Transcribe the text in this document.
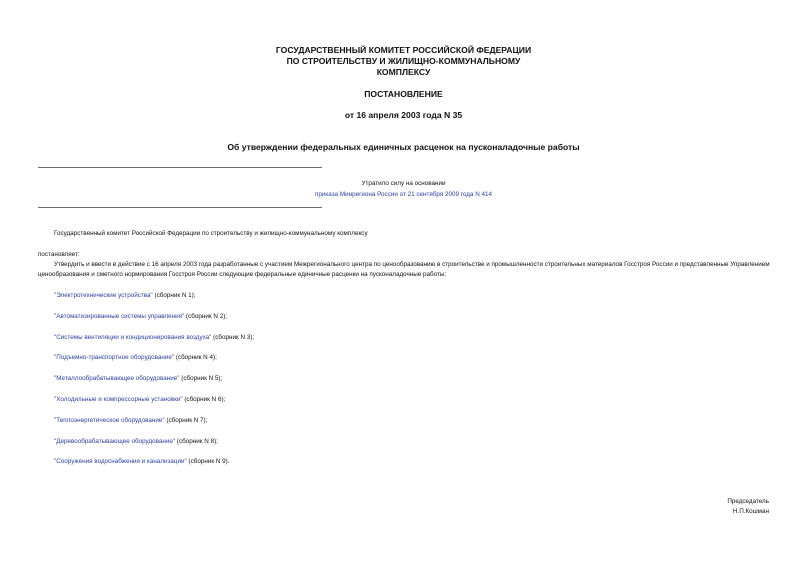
ГОСУДАРСТВЕННЫЙ КОМИТЕТ РОССИЙСКОЙ ФЕДЕРАЦИИ
ПО СТРОИТЕЛЬСТВУ И ЖИЛИЩНО-КОММУНАЛЬНОМУ
КОМПЛЕКСУ
ПОСТАНОВЛЕНИЕ
от 16 апреля 2003 года N 35
Об утверждении федеральных единичных расценок на пусконаладочные работы
Утратило силу на основании
приказа Минрегиона России от 21 сентября 2009 года N 414
Государственный комитет Российской Федерации по строительству и жилищно-коммунальному комплексу
постановляет:
Утвердить и ввести в действие с 16 апреля 2003 года разработанные с участием Межрегионального центра по ценообразованию в строительстве и промышленности строительных материалов Госстроя России и представленные Управлением ценообразования и сметного нормирования Госстроя России следующие федеральные единичные расценки на пусконаладочные работы:
"Электротехнические устройства" (сборник N 1);
"Автоматизированные системы управления" (сборник N 2);
"Системы вентиляции и кондиционирования воздуха" (сборник N 3);
"Подъемно-транспортное оборудование" (сборник N 4);
"Металлообрабатывающее оборудование" (сборник N 5);
"Холодильные и компрессорные установки" (сборник N 6);
"Теплоэнергетическое оборудование" (сборник N 7);
"Деревообрабатывающее оборудование" (сборник N 8);
"Сооружения водоснабжения и канализации" (сборник N 9).
Председатель
Н.П.Кошман
